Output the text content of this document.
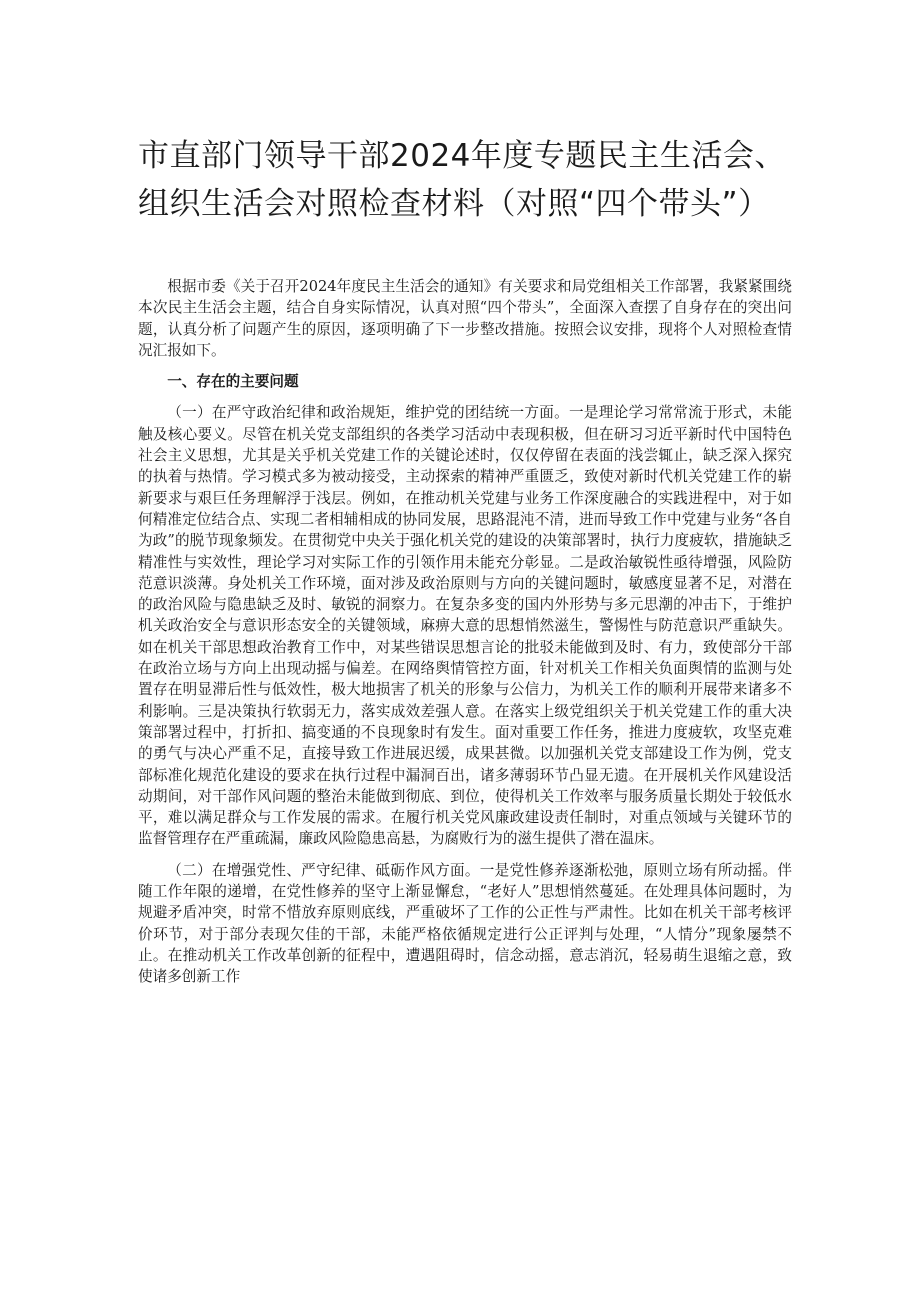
市直部门领导干部2024年度专题民主生活会、组织生活会对照检查材料（对照“四个带头”）

根据市委《关于召开2024年度民主生活会的通知》有关要求和局党组相关工作部署，我紧紧围绕本次民主生活会主题，结合自身实际情况，认真对照“四个带头”，全面深入查摆了自身存在的突出问题，认真分析了问题产生的原因，逐项明确了下一步整改措施。按照会议安排，现将个人对照检查情况汇报如下。

一、存在的主要问题

（一）在严守政治纪律和政治规矩，维护党的团结统一方面。一是理论学习常常流于形式，未能触及核心要义。尽管在机关党支部组织的各类学习活动中表现积极，但在研习习近平新时代中国特色社会主义思想，尤其是关乎机关党建工作的关键论述时，仅仅停留在表面的浅尝辄止，缺乏深入探究的执着与热情。学习模式多为被动接受，主动探索的精神严重匮乏，致使对新时代机关党建工作的崭新要求与艰巨任务理解浮于浅层。例如，在推动机关党建与业务工作深度融合的实践进程中，对于如何精准定位结合点、实现二者相辅相成的协同发展，思路混沌不清，进而导致工作中党建与业务“各自为政”的脱节现象频发。在贯彻党中央关于强化机关党的建设的决策部署时，执行力度疲软，措施缺乏精准性与实效性，理论学习对实际工作的引领作用未能充分彰显。二是政治敏锐性亟待增强，风险防范意识淡薄。身处机关工作环境，面对涉及政治原则与方向的关键问题时，敏感度显著不足，对潜在的政治风险与隐患缺乏及时、敏锐的洞察力。在复杂多变的国内外形势与多元思潮的冲击下，于维护机关政治安全与意识形态安全的关键领域，麻痹大意的思想悄然滋生，警惕性与防范意识严重缺失。如在机关干部思想政治教育工作中，对某些错误思想言论的批驳未能做到及时、有力，致使部分干部在政治立场与方向上出现动摇与偏差。在网络舆情管控方面，针对机关工作相关负面舆情的监测与处置存在明显滞后性与低效性，极大地损害了机关的形象与公信力，为机关工作的顺利开展带来诸多不利影响。三是决策执行软弱无力，落实成效差强人意。在落实上级党组织关于机关党建工作的重大决策部署过程中，打折扣、搞变通的不良现象时有发生。面对重要工作任务，推进力度疲软，攻坚克难的勇气与决心严重不足，直接导致工作进展迟缓，成果甚微。以加强机关党支部建设工作为例，党支部标准化规范化建设的要求在执行过程中漏洞百出，诸多薄弱环节凸显无遗。在开展机关作风建设活动期间，对干部作风问题的整治未能做到彻底、到位，使得机关工作效率与服务质量长期处于较低水平，难以满足群众与工作发展的需求。在履行机关党风廉政建设责任制时，对重点领域与关键环节的监督管理存在严重疏漏，廉政风险隐患高悬，为腐败行为的滋生提供了潜在温床。

（二）在增强党性、严守纪律、砥砺作风方面。一是党性修养逐渐松弛，原则立场有所动摇。伴随工作年限的递增，在党性修养的坚守上渐显懈怠，“老好人”思想悄然蔓延。在处理具体问题时，为规避矛盾冲突，时常不惜放弃原则底线，严重破坏了工作的公正性与严肃性。比如在机关干部考核评价环节，对于部分表现欠佳的干部，未能严格依循规定进行公正评判与处理，“人情分”现象屡禁不止。在推动机关工作改革创新的征程中，遭遇阻碍时，信念动摇，意志消沉，轻易萌生退缩之意，致使诸多创新工作
